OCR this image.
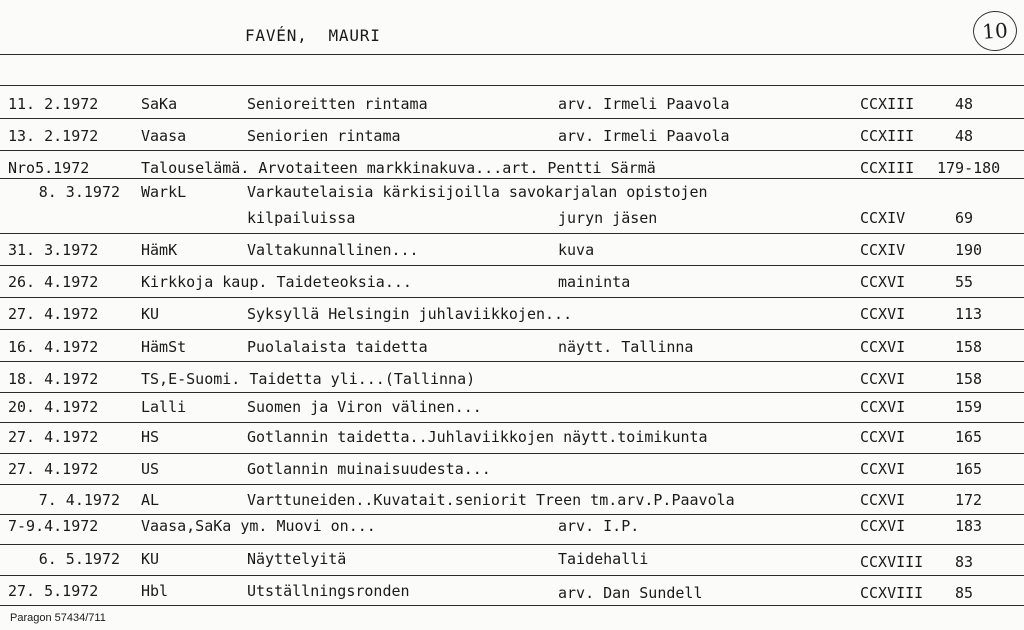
FAVÉN,  MAURI	10
11. 2.1972	SaKa	Senioreitten rintama	arv. Irmeli Paavola	CCXIII	48
13. 2.1972	Vaasa	Seniorien rintama	arv. Irmeli Paavola	CCXIII	48
Nro5.1972	Talouselämä. Arvotaiteen markkinakuva...art. Pentti Särmä	CCXIII 179-180
8. 3.1972 WarkL	Varkautelaisia kärkisijoilla savokarjalan opistojen
kilpailuissa	juryn jäsen	CCXIV	69
31. 3.1972	HämK	Valtakunnallinen...	kuva	CCXIV	190
26. 4.1972	Kirkkoja kaup. Taideteoksia...	maininta	CCXVI	55
27. 4.1972	KU	Syksyllä Helsingin juhlaviikkojen...	CCXVI	113
16. 4.1972	HämSt	Puolalaista taidetta	näytt. Tallinna	CCXVI	158
18. 4.1972	TS,E-Suomi. Taidetta yli...(Tallinna)	CCXVI	158
20. 4.1972	Lalli	Suomen ja Viron välinen...	CCXVI	159
27. 4.1972	HS	Gotlannin taidetta..Juhlaviikkojen näytt.toimikunta	CCXVI	165
27. 4.1972	US	Gotlannin muinaisuudesta...	CCXVI	165
7. 4.1972 AL	Varttuneiden..Kuvatait.seniorit Treen tm.arv.P.Paavola	CCXVI	172
7-9.4.1972	Vaasa,SaKa ym. Muovi on...	arv. I.P.	CCXVI	183
6. 5.1972 KU	Näyttelyitä	Taidehalli	CCXVIII 83
27. 5.1972	Hbl	Utställningsronden	arv. Dan Sundell	CCXVIII 85
Paragon 57434/711
